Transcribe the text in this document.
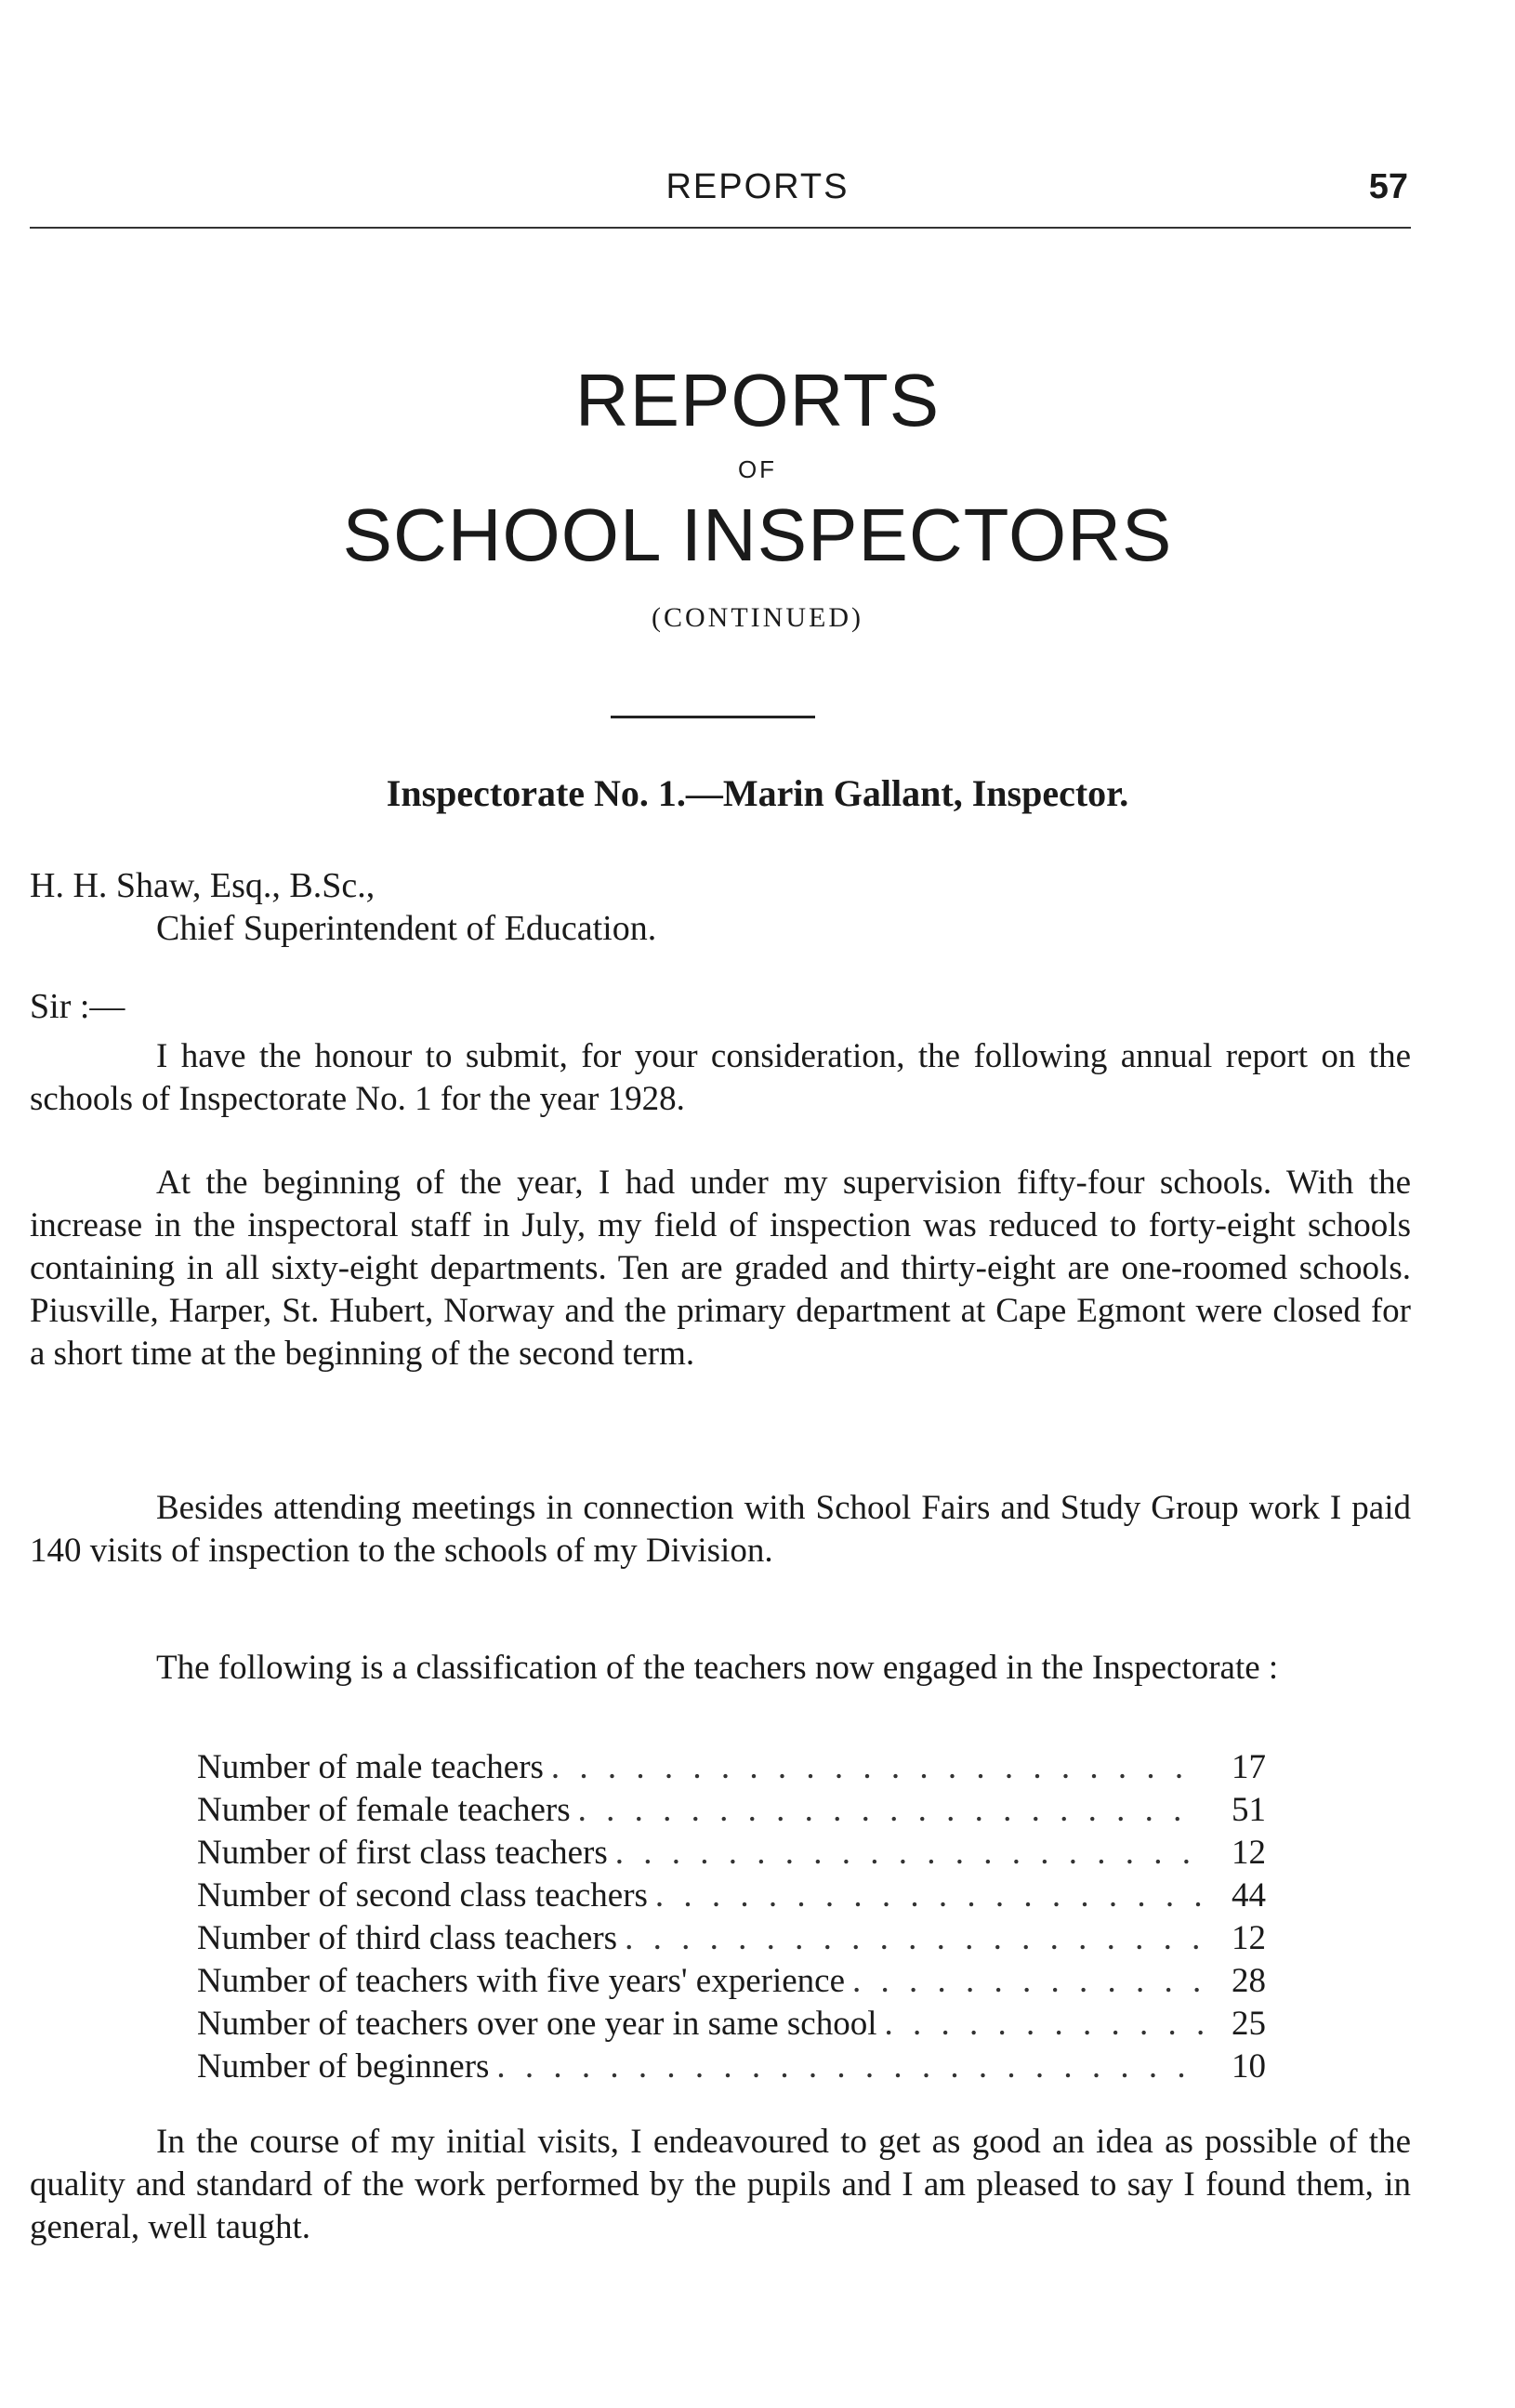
REPORTS	57
REPORTS
OF
SCHOOL INSPECTORS
(CONTINUED)
Inspectorate No. 1.—Marin Gallant, Inspector.
H. H. Shaw, Esq., B.Sc.,
Chief Superintendent of Education.
Sir :—

I have the honour to submit, for your consideration, the following annual report on the schools of Inspectorate No. 1 for the year 1928.

At the beginning of the year, I had under my supervision fifty-four schools. With the increase in the inspectoral staff in July, my field of inspection was reduced to forty-eight schools containing in all sixty-eight departments. Ten are graded and thirty-eight are one-roomed schools. Piusville, Harper, St. Hubert, Norway and the primary department at Cape Egmont were closed for a short time at the beginning of the second term.

Besides attending meetings in connection with School Fairs and Study Group work I paid 140 visits of inspection to the schools of my Division.

The following is a classification of the teachers now engaged in the Inspectorate :

Number of male teachers . . .	17
Number of female teachers . . .	51
Number of first class teachers . . .	12
Number of second class teachers . . .	44
Number of third class teachers . . .	12
Number of teachers with five years' experience . . .	28
Number of teachers over one year in same school . . .	25
Number of beginners . . .	10

In the course of my initial visits, I endeavoured to get as good an idea as possible of the quality and standard of the work performed by the pupils and I am pleased to say I found them, in general, well taught.
